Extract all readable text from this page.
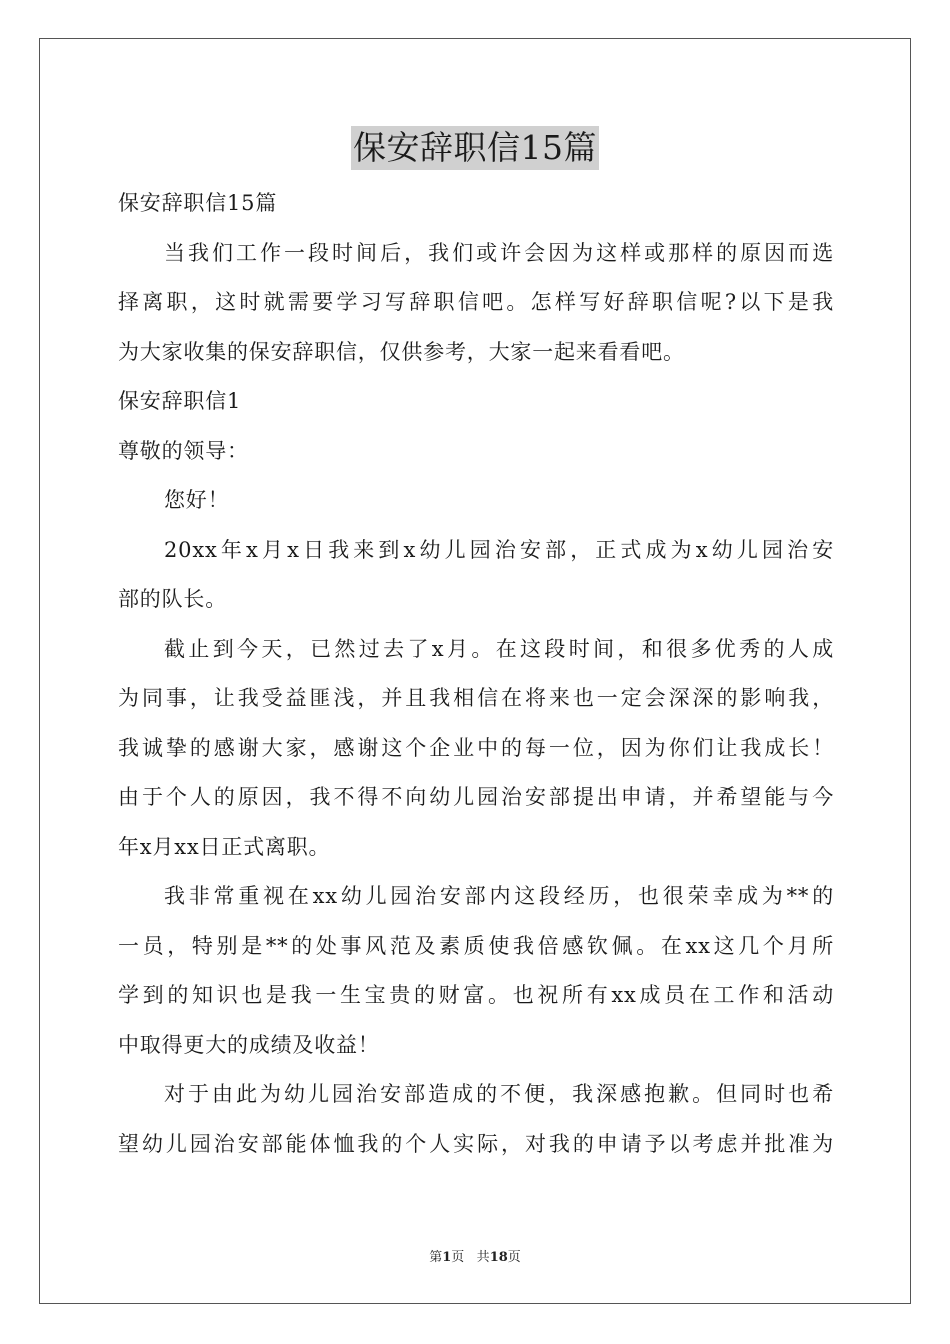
保安辞职信15篇
保安辞职信15篇
当我们工作一段时间后，我们或许会因为这样或那样的原因而选
择离职，这时就需要学习写辞职信吧。怎样写好辞职信呢?以下是我
为大家收集的保安辞职信，仅供参考，大家一起来看看吧。
保安辞职信1
尊敬的领导：
您好！
20xx年x月x日我来到x幼儿园治安部，正式成为x幼儿园治安
部的队长。
截止到今天，已然过去了x月。在这段时间，和很多优秀的人成
为同事，让我受益匪浅，并且我相信在将来也一定会深深的影响我，
我诚挚的感谢大家，感谢这个企业中的每一位，因为你们让我成长！
由于个人的原因，我不得不向幼儿园治安部提出申请，并希望能与今
年x月xx日正式离职。
我非常重视在xx幼儿园治安部内这段经历，也很荣幸成为**的
一员，特别是**的处事风范及素质使我倍感钦佩。在xx这几个月所
学到的知识也是我一生宝贵的财富。也祝所有xx成员在工作和活动
中取得更大的成绩及收益！
对于由此为幼儿园治安部造成的不便，我深感抱歉。但同时也希
望幼儿园治安部能体恤我的个人实际，对我的申请予以考虑并批准为
第1页 共18页
